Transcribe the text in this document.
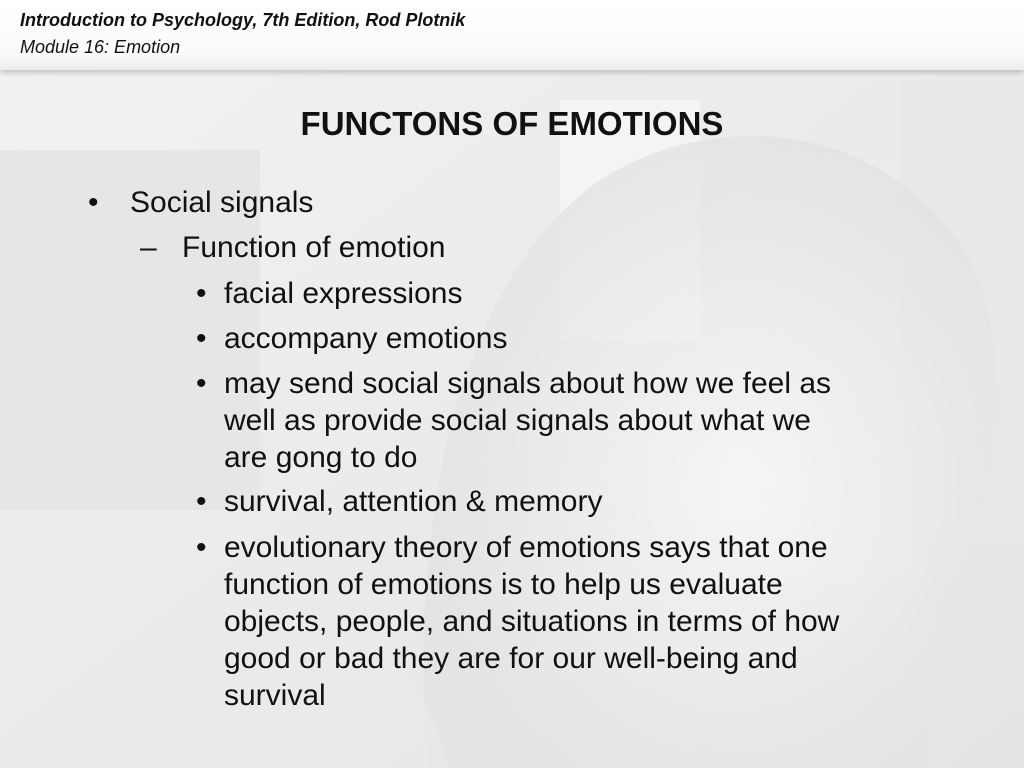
Introduction to Psychology, 7th Edition, Rod Plotnik
Module 16: Emotion
FUNCTONS OF EMOTIONS
• Social signals
– Function of emotion
• facial expressions
• accompany emotions
• may send social signals about how we feel as
well as provide social signals about what we
are gong to do
• survival, attention & memory
• evolutionary theory of emotions says that one
function of emotions is to help us evaluate
objects, people, and situations in terms of how
good or bad they are for our well-being and
survival
